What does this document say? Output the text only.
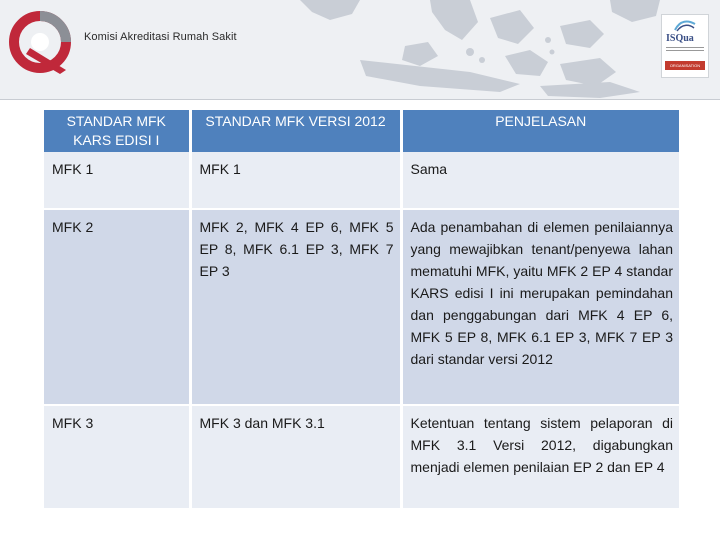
Komisi Akreditasi Rumah Sakit	ISQua
ORGANISATION
STANDAR MFK KARS EDISI I	STANDAR MFK VERSI 2012	PENJELASAN
MFK 1	MFK 1	Sama
MFK 2	MFK 2, MFK 4 EP 6, MFK 5 EP 8, MFK 6.1 EP 3, MFK 7 EP 3	Ada penambahan di elemen penilaiannya yang mewajibkan tenant/penyewa lahan mematuhi MFK, yaitu MFK 2 EP 4 standar KARS edisi I ini merupakan pemindahan dan penggabungan dari MFK 4 EP 6, MFK 5 EP 8, MFK 6.1 EP 3, MFK 7 EP 3 dari standar versi 2012
MFK 3	MFK 3 dan MFK 3.1	Ketentuan tentang sistem pelaporan di MFK 3.1 Versi 2012, digabungkan menjadi elemen penilaian EP 2 dan EP 4
